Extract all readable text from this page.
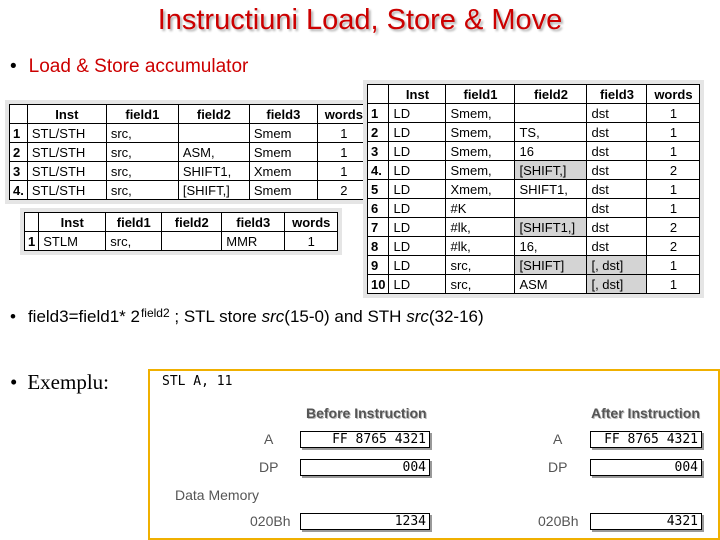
Instructiuni Load, Store & Move
• Load & Store accumulator
	Inst	field1	field2	field3	words
1	STL/STH	src,		Smem	1
2	STL/STH	src,	ASM,	Smem	1
3	STL/STH	src,	SHIFT1,	Xmem	1
4.	STL/STH	src,	[SHIFT,]	Smem	2
	Inst	field1	field2	field3	words
1	STLM	src,		MMR	1
	Inst	field1	field2	field3	words
1	LD	Smem,		dst	1
2	LD	Smem,	TS,	dst	1
3	LD	Smem,	16	dst	1
4.	LD	Smem,	[SHIFT,]	dst	2
5	LD	Xmem,	SHIFT1,	dst	1
6	LD	#K		dst	1
7	LD	#lk,	[SHIFT1,]	dst	2
8	LD	#lk,	16,	dst	2
9	LD	src,	[SHIFT]	[, dst]	1
10	LD	src,	ASM	[, dst]	1
• field3=field1* $2^{field2}$ ; STL store src(15-0) and STH src(32-16)
• Exemplu:	STL A, 11
Before Instruction	After Instruction
A	FF 8765 4321	A	FF 8765 4321
DP	004	DP	004
Data Memory
020Bh	1234	020Bh	4321
